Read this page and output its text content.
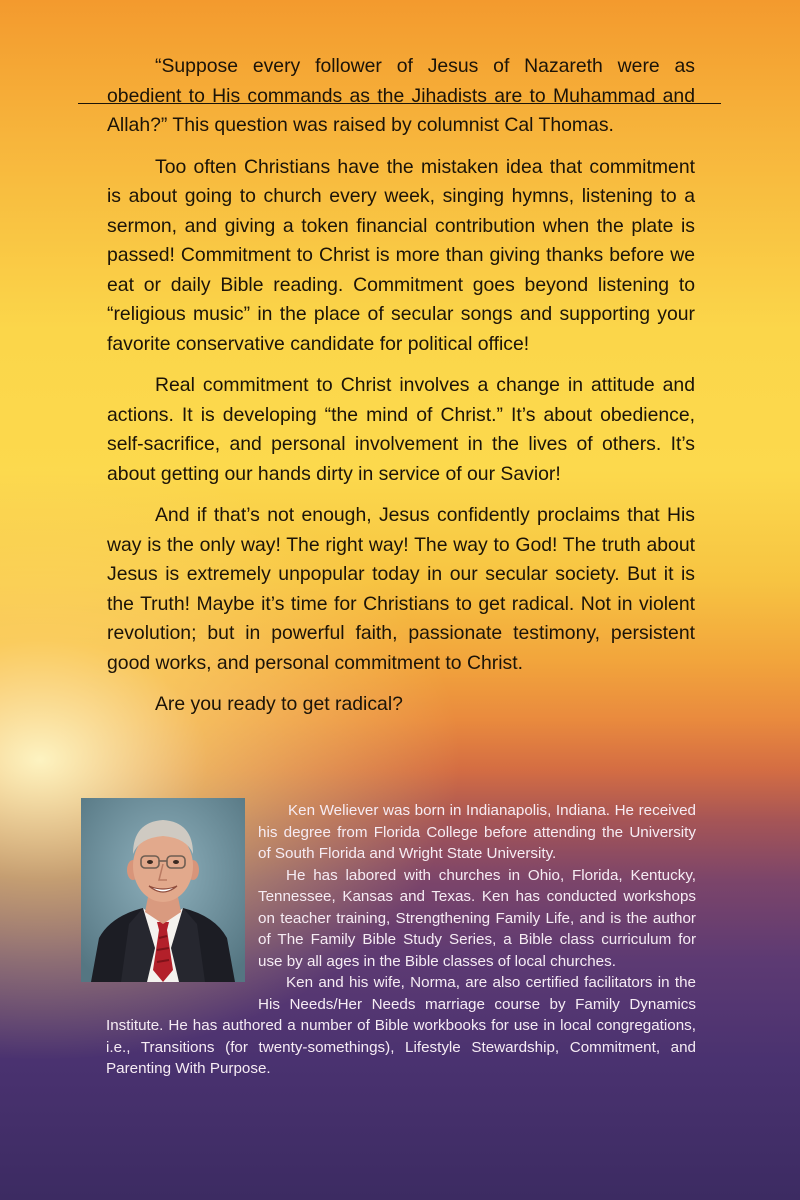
“Suppose every follower of Jesus of Nazareth were as obedient to His commands as the Jihadists are to Muhammad and Allah?” This question was raised by columnist Cal Thomas.

Too often Christians have the mistaken idea that commitment is about going to church every week, singing hymns, listening to a sermon, and giving a token financial contribution when the plate is passed! Commitment to Christ is more than giving thanks before we eat or daily Bible reading. Commitment goes beyond listening to “religious music” in the place of secular songs and supporting your favorite conservative candidate for political office!

Real commitment to Christ involves a change in attitude and actions. It is developing “the mind of Christ.” It’s about obedience, self-sacrifice, and personal involvement in the lives of others. It’s about getting our hands dirty in service of our Savior!

And if that’s not enough, Jesus confidently proclaims that His way is the only way! The right way! The way to God! The truth about Jesus is extremely unpopular today in our secular society. But it is the Truth! Maybe it’s time for Christians to get radical. Not in violent revolution; but in powerful faith, passionate testimony, persistent good works, and personal commitment to Christ.

Are you ready to get radical?

Ken Weliever was born in Indianapolis, Indiana. He received his degree from Florida College before attending the University of South Florida and Wright State University.

He has labored with churches in Ohio, Florida, Kentucky, Tennessee, Kansas and Texas. Ken has conducted workshops on teacher training, Strengthening Family Life, and is the author of The Family Bible Study Series, a Bible class curriculum for use by all ages in the Bible classes of local churches.

Ken and his wife, Norma, are also certified facilitators in the His Needs/Her Needs marriage course by Family Dynamics Institute. He has authored a number of Bible workbooks for use in local congregations, i.e., Transitions (for twenty-somethings), Lifestyle Stewardship, Commitment, and Parenting With Purpose.
